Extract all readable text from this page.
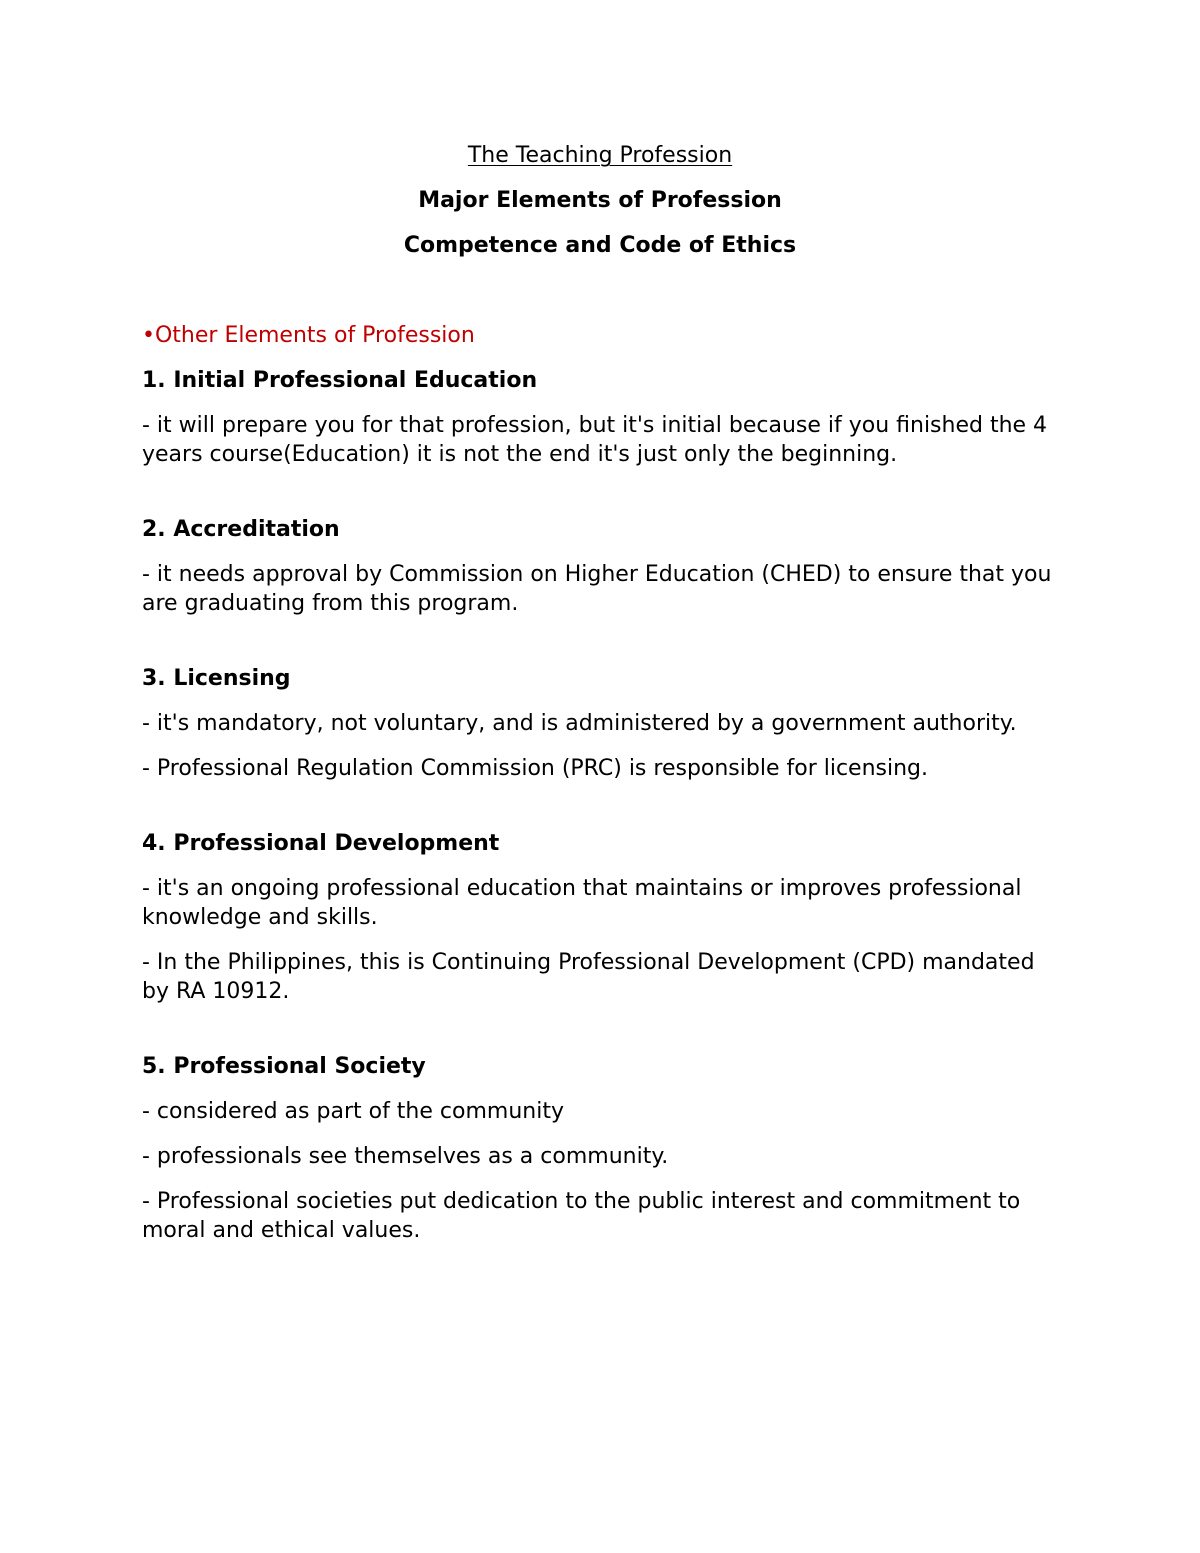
The Teaching Profession
Major Elements of Profession
Competence and Code of Ethics
•Other Elements of Profession
1. Initial Professional Education
- it will prepare you for that profession, but it's initial because if you finished the 4 years course(Education) it is not the end it's just only the beginning.
2. Accreditation
- it needs approval by Commission on Higher Education (CHED) to ensure that you are graduating from this program.
3. Licensing
- it's mandatory, not voluntary, and is administered by a government authority.
- Professional Regulation Commission (PRC) is responsible for licensing.
4. Professional Development
- it's an ongoing professional education that maintains or improves professional knowledge and skills.
- In the Philippines, this is Continuing Professional Development (CPD) mandated by RA 10912.
5. Professional Society
- considered as part of the community
- professionals see themselves as a community.
- Professional societies put dedication to the public interest and commitment to moral and ethical values.
